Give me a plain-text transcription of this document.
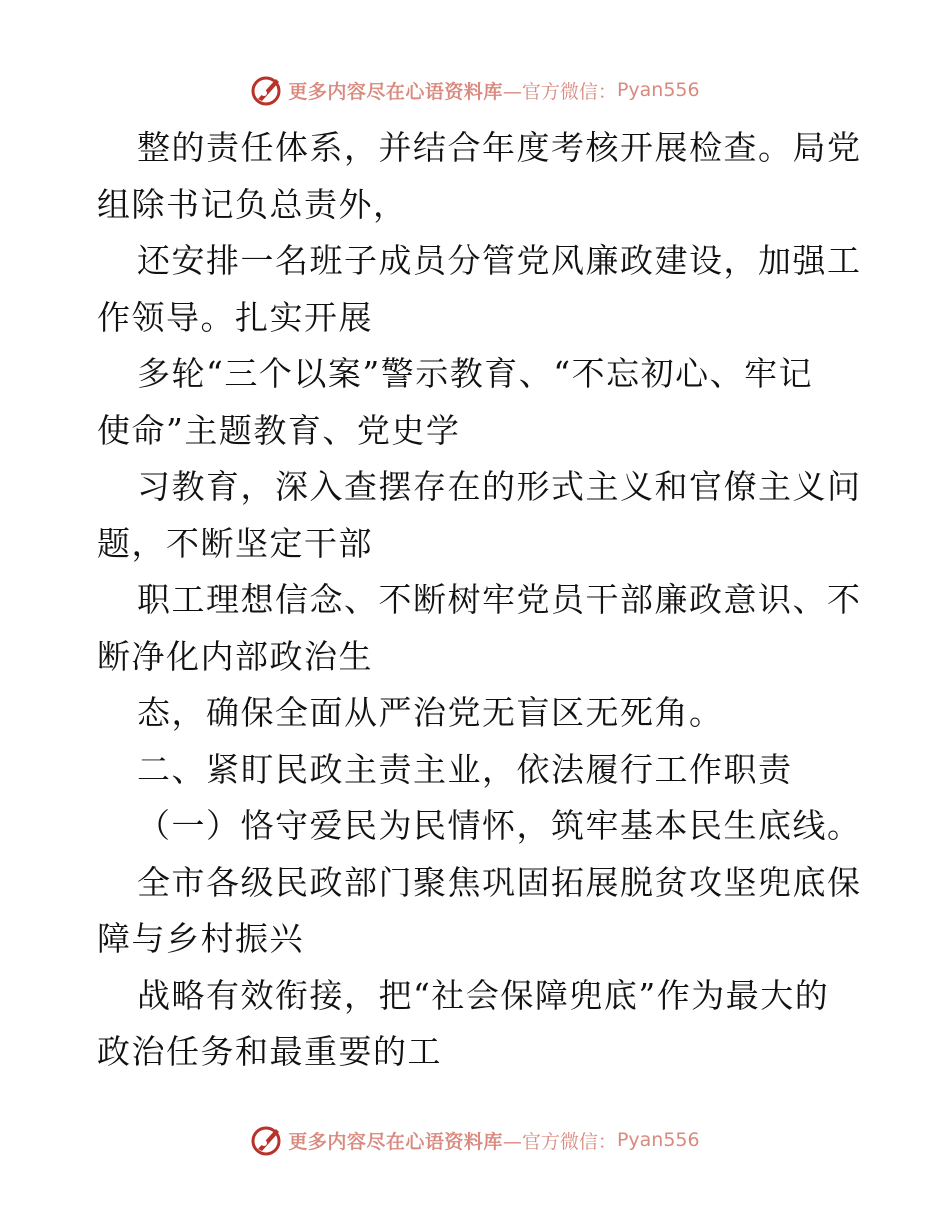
更多内容尽在心语资料库 —官方微信： Pyan556
整的责任体系，并结合年度考核开展检查。局党
组除书记负总责外，
还安排一名班子成员分管党风廉政建设，加强工
作领导。扎实开展
多轮“三个以案”警示教育、“不忘初心、牢记
使命”主题教育、党史学
习教育，深入查摆存在的形式主义和官僚主义问
题，不断坚定干部
职工理想信念、不断树牢党员干部廉政意识、不
断净化内部政治生
态，确保全面从严治党无盲区无死角。
二、紧盯民政主责主业，依法履行工作职责
（一）恪守爱民为民情怀，筑牢基本民生底线。
全市各级民政部门聚焦巩固拓展脱贫攻坚兜底保
障与乡村振兴
战略有效衔接，把“社会保障兜底”作为最大的
政治任务和最重要的工
更多内容尽在心语资料库 —官方微信： Pyan556
